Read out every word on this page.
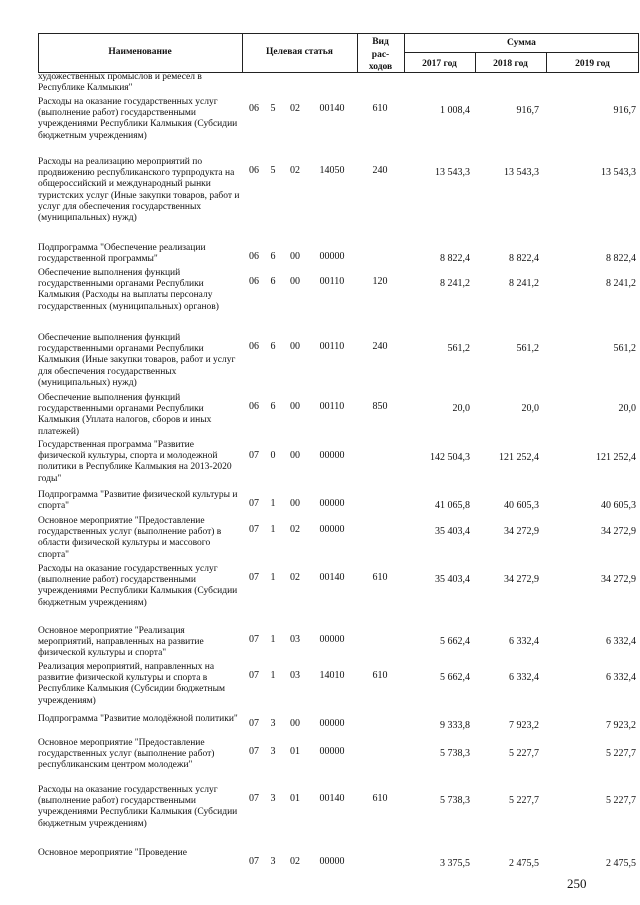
Наименование	Целевая статья
Вид
рас-
ходов
Сумма
2017 год	2018 год	2019 год
художественных промыслов и ремесел в Республике Калмыкия"
Расходы на оказание государственных услуг (выполнение работ) государственными учреждениями Республики Калмыкия (Субсидии бюджетным учреждениям)
06	5	02	00140	610	1 008,4	916,7	916,7
Расходы на реализацию мероприятий по продвижению республиканского турпродукта на общероссийский и международный рынки туристских услуг (Иные закупки товаров, работ и услуг для обеспечения государственных (муниципальных) нужд)
06	5	02	14050	240	13 543,3	13 543,3	13 543,3
Подпрограмма "Обеспечение реализации государственной программы"	06	6	00	00000	8 822,4	8 822,4	8 822,4
Обеспечение выполнения функций государственными органами Республики Калмыкия (Расходы на выплаты персоналу государственных (муниципальных) органов)
06	6	00	00110	120	8 241,2	8 241,2	8 241,2
Обеспечение выполнения функций государственными органами Республики Калмыкия (Иные закупки товаров, работ и услуг для обеспечения государственных (муниципальных) нужд)
06	6	00	00110	240	561,2	561,2	561,2
Обеспечение выполнения функций государственными органами Республики Калмыкия (Уплата налогов, сборов и иных платежей)
06	6	00	00110	850	20,0	20,0	20,0
Государственная программа "Развитие физической культуры, спорта и молодежной политики в Республике Калмыкия на 2013-2020 годы"
07	0	00	00000	142 504,3	121 252,4	121 252,4
Подпрограмма "Развитие физической культуры и спорта"	07	1	00	00000	41 065,8	40 605,3	40 605,3
Основное мероприятие "Предоставление государственных услуг (выполнение работ) в области физической культуры и массового спорта"
07	1	02	00000	35 403,4	34 272,9	34 272,9
Расходы на оказание государственных услуг (выполнение работ) государственными учреждениями Республики Калмыкия (Субсидии бюджетным учреждениям)
07	1	02	00140	610	35 403,4	34 272,9	34 272,9
Основное мероприятие "Реализация мероприятий, направленных на развитие физической культуры и спорта"
07	1	03	00000	5 662,4	6 332,4	6 332,4
Реализация мероприятий, направленных на развитие физической культуры и спорта в Республике Калмыкия (Субсидии бюджетным учреждениям)
07	1	03	14010	610	5 662,4	6 332,4	6 332,4
Подпрограмма "Развитие молодёжной политики"	07	3	00	00000	9 333,8	7 923,2	7 923,2
Основное мероприятие "Предоставление государственных услуг (выполнение работ) республиканским центром молодежи"
07	3	01	00000	5 738,3	5 227,7	5 227,7
Расходы на оказание государственных услуг (выполнение работ) государственными учреждениями Республики Калмыкия (Субсидии бюджетным учреждениям)
07	3	01	00140	610	5 738,3	5 227,7	5 227,7
Основное мероприятие "Проведение
07	3	02	00000	3 375,5	2 475,5	2 475,5
250
